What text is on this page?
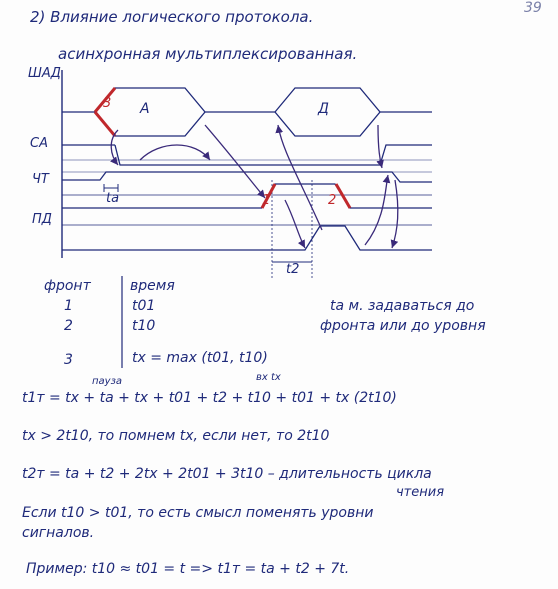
2) Влияние логического протокола.	39
асинхронная мультиплексированная.
ШАД
СА
ЧТ
ПД
А	Д
3
1	2
ta
t2
фронт	время
1	t01
2	t10
3	tx = max (t01, t10)
ta м. задаваться до
фронта или до уровня
пауза	вх tх
t1т = tx + ta + tx + t01 + t2 + t10 + t01 + tx (2t10)
tx > 2t10, то помнем tx, если нет, то 2t10
t2т = ta + t2 + 2tx + 2t01 + 3t10 – длительность цикла
чтения
Если t10 > t01, то есть смысл поменять уровни
сигналов.
Пример: t10 ≈ t01 = t => t1т = ta + t2 + 7t.
